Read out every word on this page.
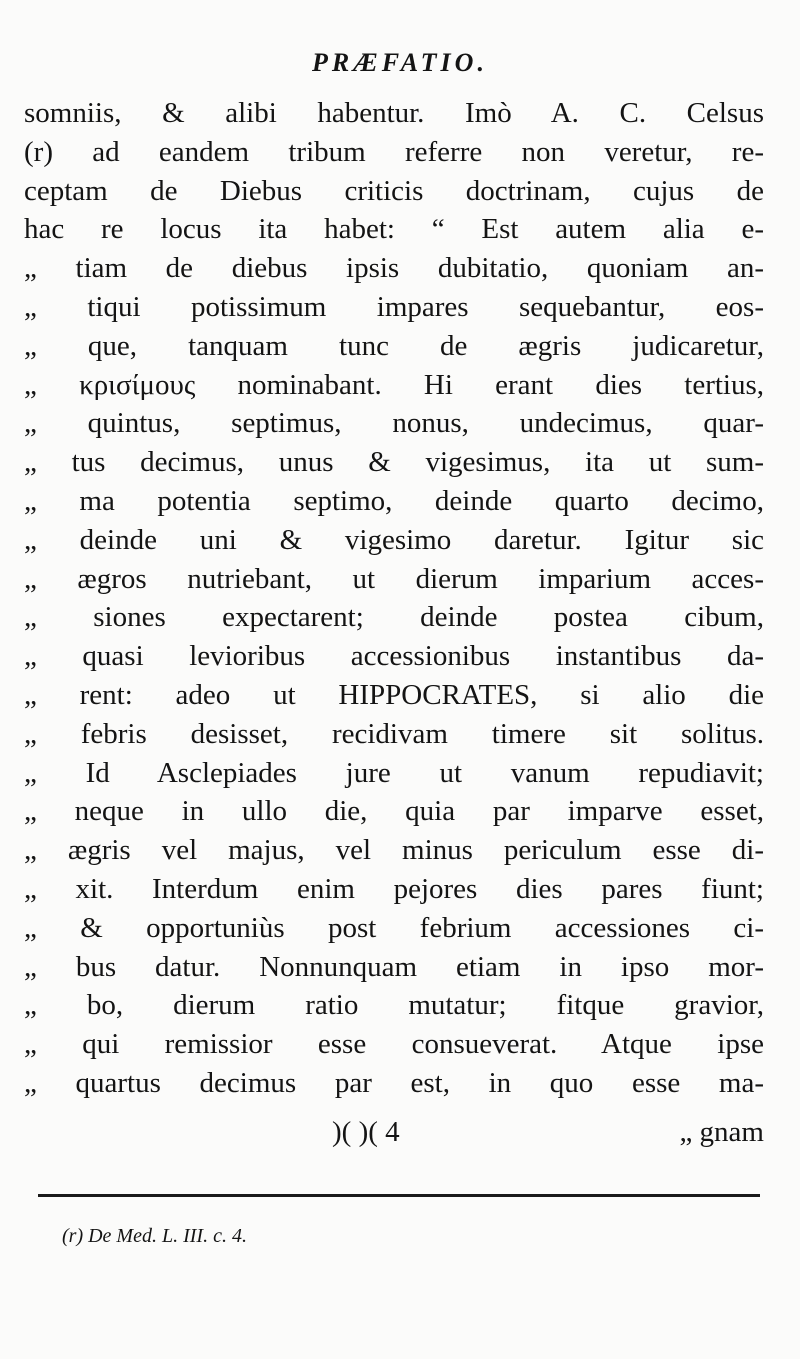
PRÆFATIO.
somniis, & alibi habentur. Imò A. C. Celsus
(r) ad eandem tribum referre non veretur, re-
ceptam de Diebus criticis doctrinam, cujus de
hac re locus ita habet: “ Est autem alia e-
„ tiam de diebus ipsis dubitatio, quoniam an-
„ tiqui potissimum impares sequebantur, eos-
„ que, tanquam tunc de ægris judicaretur,
„ κρισίμους nominabant. Hi erant dies tertius,
„ quintus, septimus, nonus, undecimus, quar-
„ tus decimus, unus & vigesimus, ita ut sum-
„ ma potentia septimo, deinde quarto decimo,
„ deinde uni & vigesimo daretur. Igitur sic
„ ægros nutriebant, ut dierum imparium acces-
„ siones expectarent; deinde postea cibum,
„ quasi levioribus accessionibus instantibus da-
„ rent: adeo ut HIPPOCRATES, si alio die
„ febris desisset, recidivam timere sit solitus.
„ Id Asclepiades jure ut vanum repudiavit;
„ neque in ullo die, quia par imparve esset,
„ ægris vel majus, vel minus periculum esse di-
„ xit. Interdum enim pejores dies pares fiunt;
„ & opportuniùs post febrium accessiones ci-
„ bus datur. Nonnunquam etiam in ipso mor-
„ bo, dierum ratio mutatur; fitque gravior,
„ qui remissior esse consueverat. Atque ipse
„ quartus decimus par est, in quo esse ma-
)( )( 4	„ gnam
(r) De Med. L. III. c. 4.
